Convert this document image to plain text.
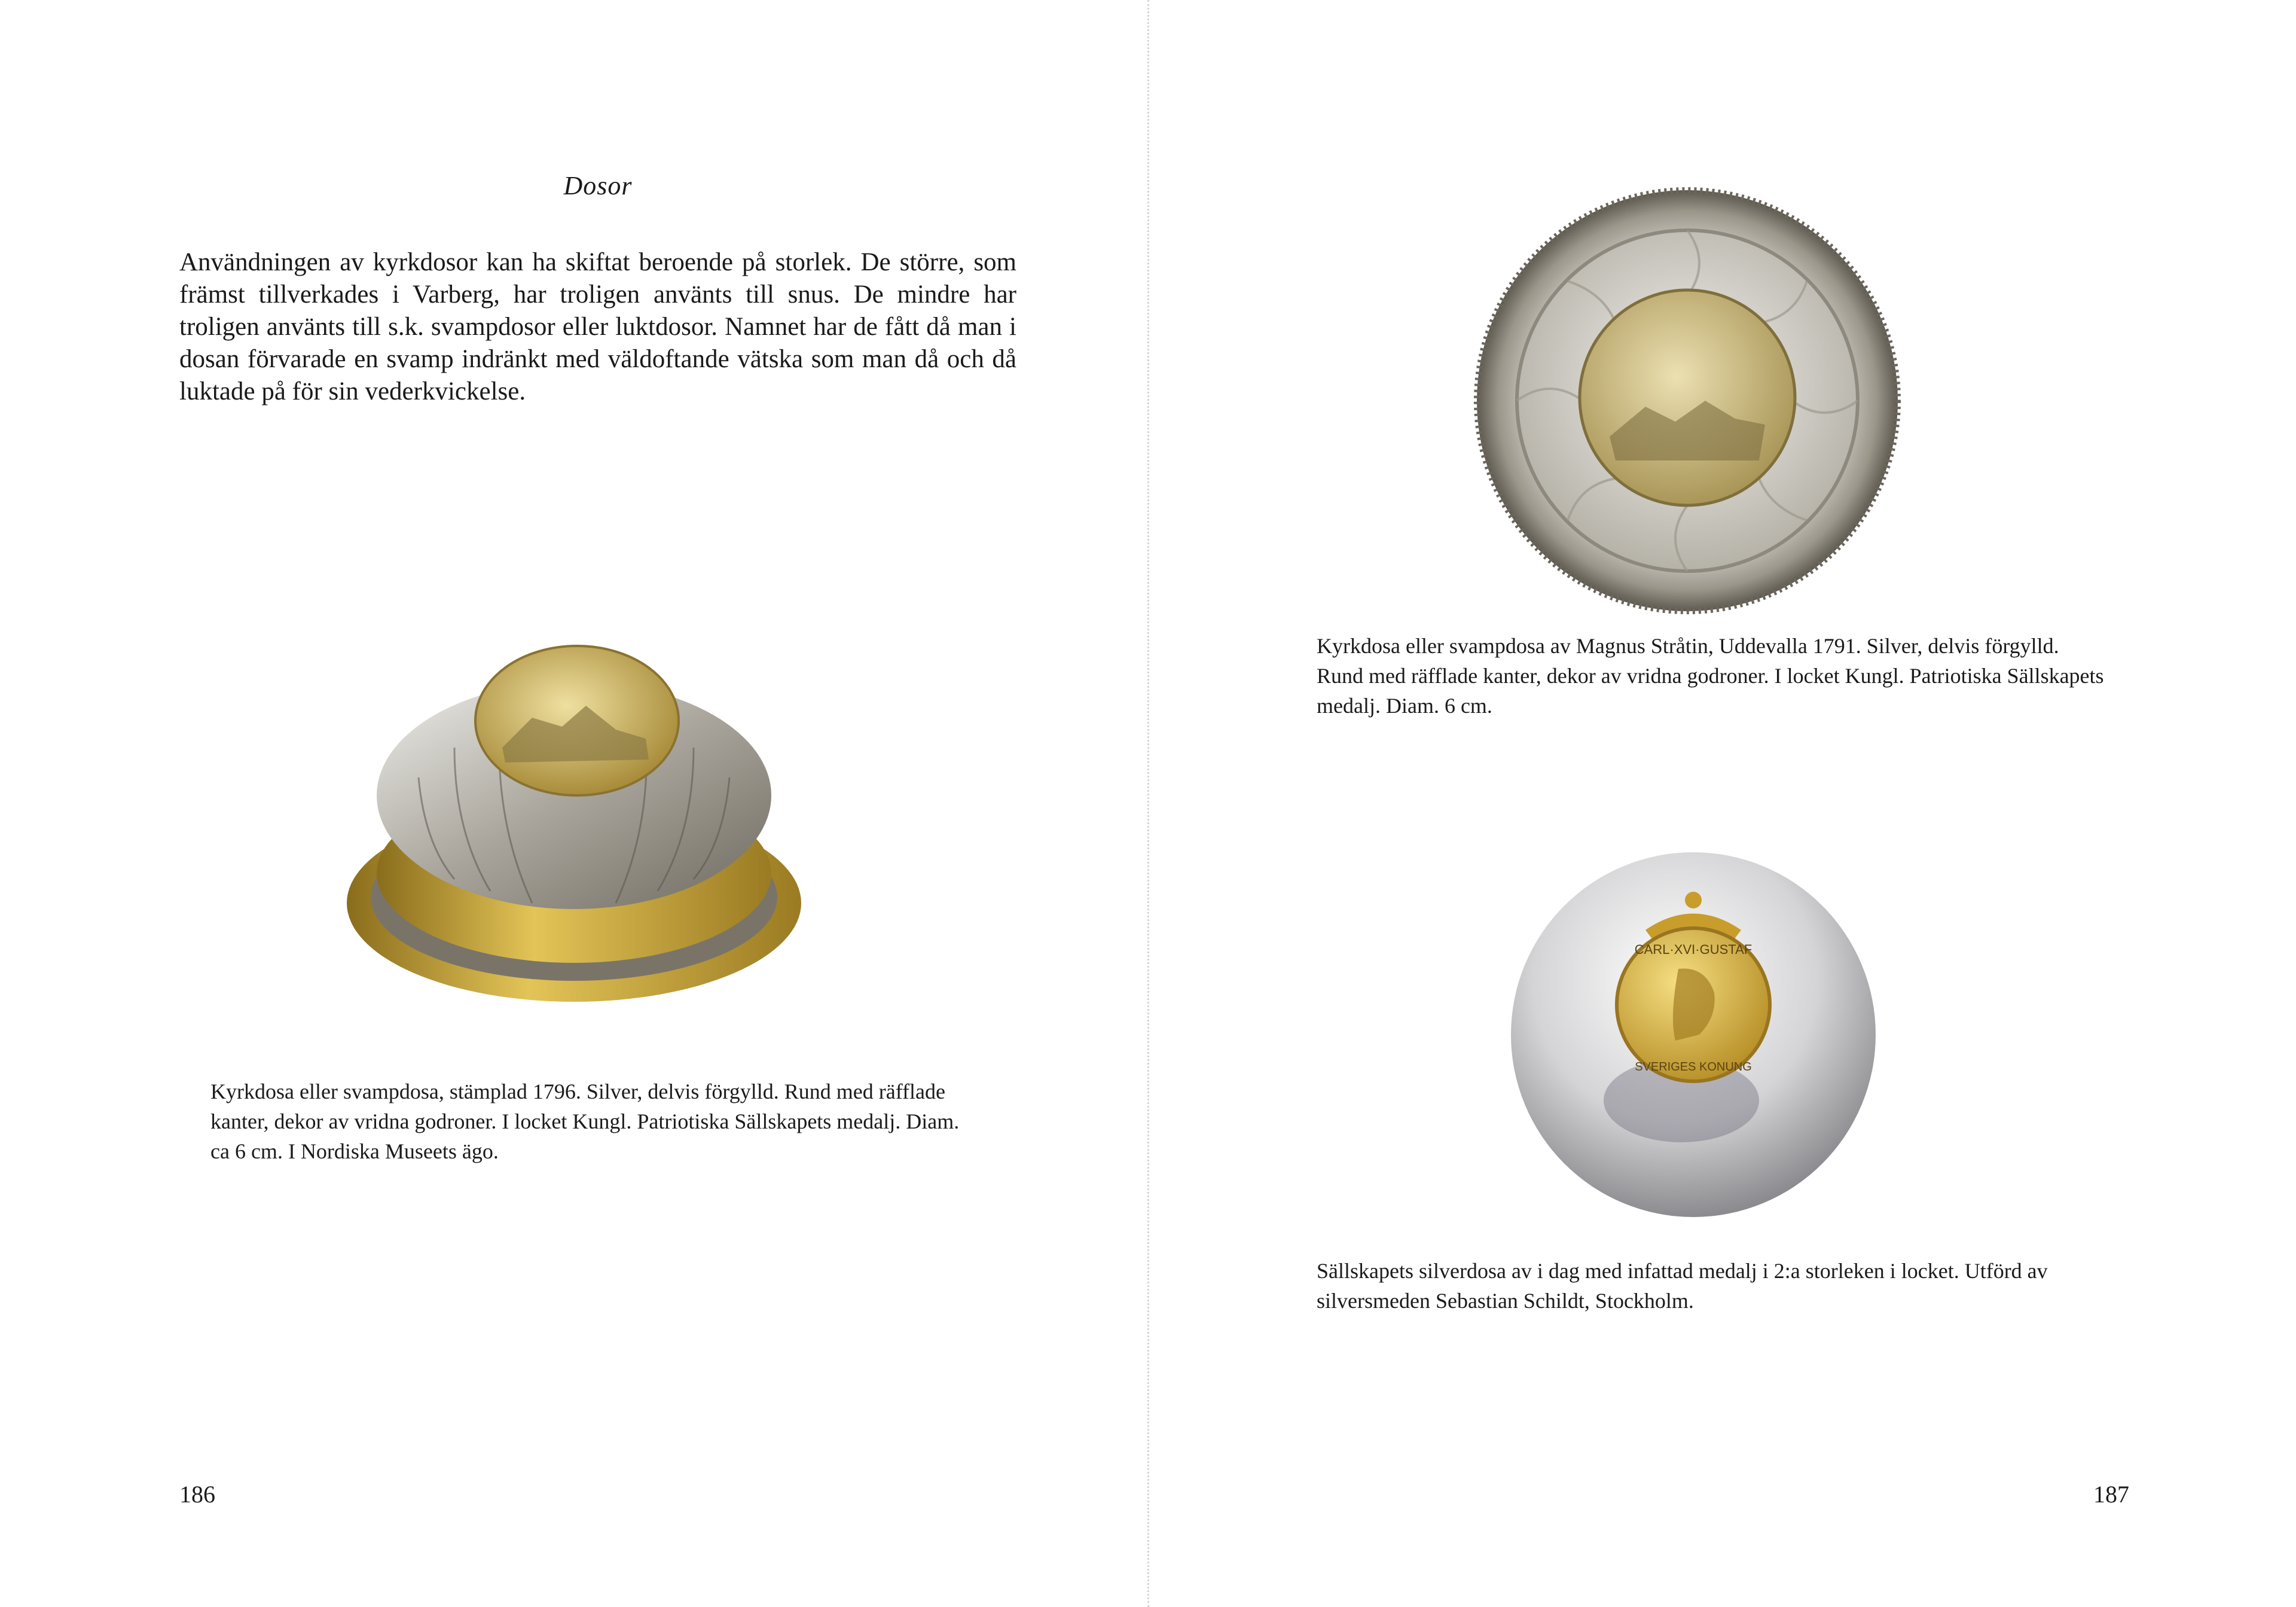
Dosor

Användningen av kyrkdosor kan ha skiftat beroende på storlek. De större, som främst tillverkades i Varberg, har troligen använts till snus. De mindre har troligen använts till s.k. svampdosor eller luktdosor. Namnet har de fått då man i dosan förvarade en svamp indränkt med väldoftande vätska som man då och då luktade på för sin vederkvickelse.

Kyrkdosa eller svampdosa, stämplad 1796. Silver, delvis förgylld. Rund med räfflade kanter, dekor av vridna godroner. I locket Kungl. Patriotiska Sällskapets medalj. Diam. ca 6 cm. I Nordiska Museets ägo.

186

Kyrkdosa eller svampdosa av Magnus Stråtin, Uddevalla 1791. Silver, delvis förgylld. Rund med räfflade kanter, dekor av vridna godroner. I locket Kungl. Patriotiska Sällskapets medalj. Diam. 6 cm.

CARL·XVI·GUSTAF
SVERIGES KONUNG

Sällskapets silverdosa av i dag med infattad medalj i 2:a storleken i locket. Utförd av silversmeden Sebastian Schildt, Stockholm.

187
